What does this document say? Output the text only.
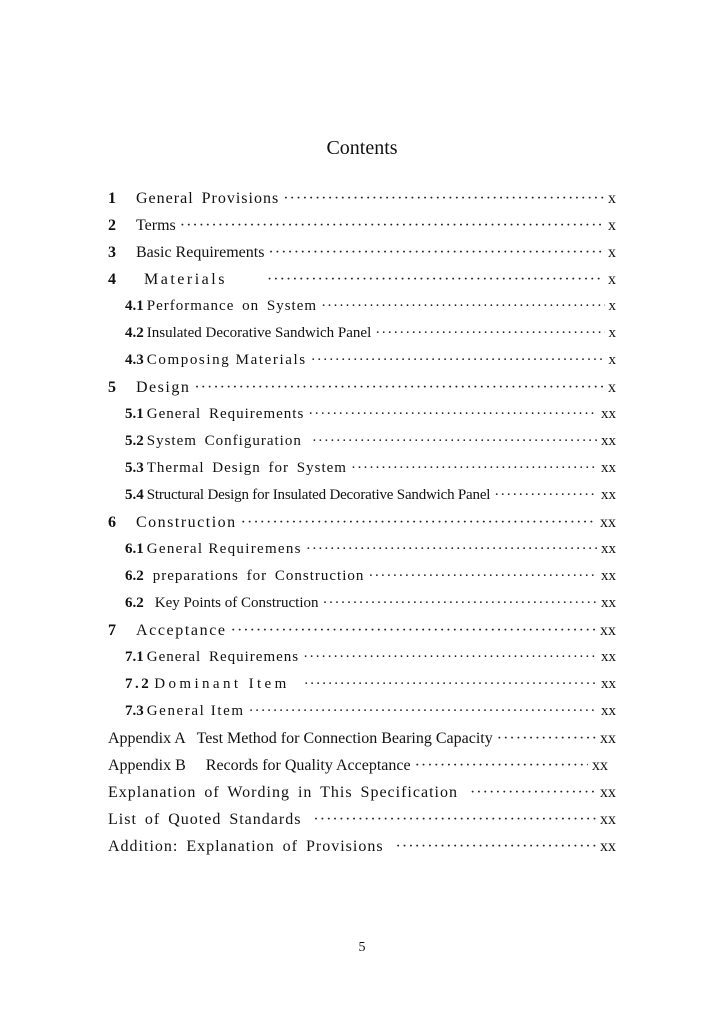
Contents
1	General Provisions ·····	x
2	Terms ·····	x
3	Basic Requirements ·····	x
4	Materials ·····	x
4.1 Performance on System ·····	x
4.2 Insulated Decorative Sandwich Panel ·····	x
4.3 Composing Materials ·····	x
5	Design ·····	x
5.1 General Requirements ·····	xx
5.2 System Configuration ·····	xx
5.3 Thermal Design for System ·····	xx
5.4 Structural Design for Insulated Decorative Sandwich Panel ·····	xx
6	Construction ·····	xx
6.1 General Requiremens ·····	xx
6.2 preparations for Construction ·····	xx
6.2 Key Points of Construction ·····	xx
7	Acceptance ·····	xx
7.1 General Requiremens ·····	xx
7.2 Dominant Item ·····	xx
7.3 General Item ·····	xx
Appendix A   Test Method for Connection Bearing Capacity ·····	xx
Appendix B     Records for Quality Acceptance ·····	xx
Explanation of Wording in This Specification ·····	xx
List of Quoted Standards ·····	xx
Addition: Explanation of Provisions ·····	xx
5
